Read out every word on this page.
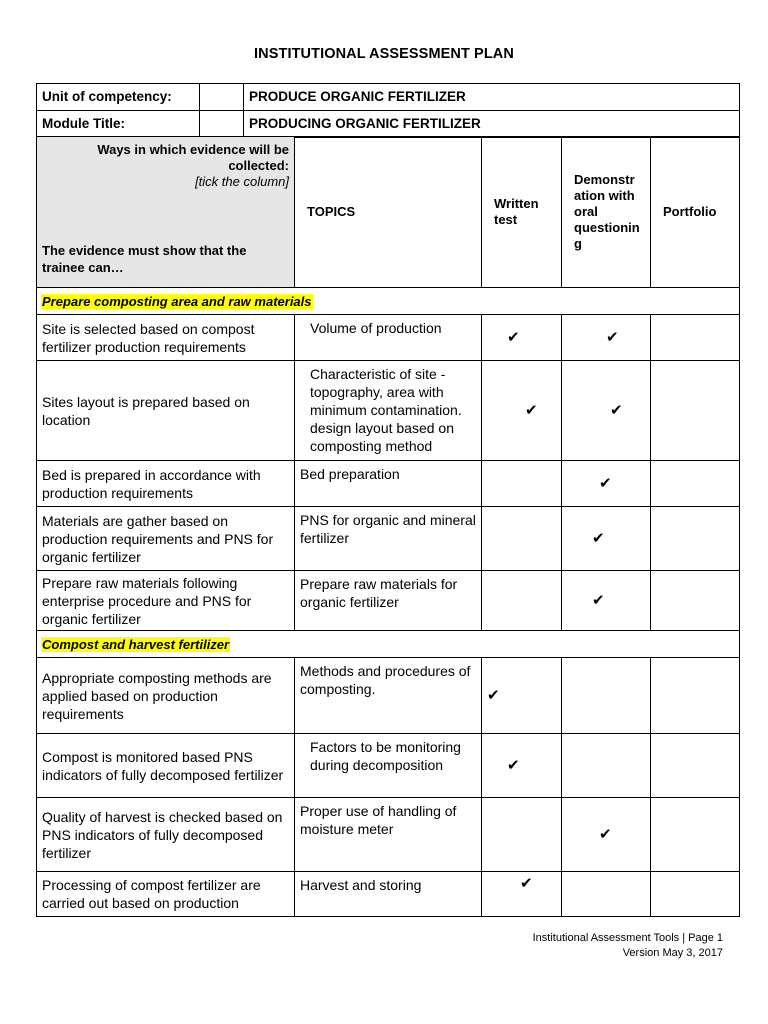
INSTITUTIONAL ASSESSMENT PLAN
Unit of competency:		PRODUCE ORGANIC FERTILIZER
Module Title:		PRODUCING ORGANIC FERTILIZER
Ways in which evidence will be collected:
[tick the column]
The evidence must show that the trainee can…	TOPICS	Written test	Demonstr ation with oral questionin g	Portfolio
Prepare composting area and raw materials				
Site is selected based on compost fertilizer production requirements	Volume of production	✔	✔	
Sites layout is prepared based on location	Characteristic of site - topography, area with minimum contamination. design layout based on composting method	✔	✔	
Bed is prepared in accordance with production requirements	Bed preparation		✔	
Materials are gather based on production requirements and PNS for organic fertilizer	PNS for organic and mineral fertilizer		✔	
Prepare raw materials following enterprise procedure and PNS for organic fertilizer	Prepare raw materials for organic fertilizer		✔	
Compost and harvest fertilizer				
Appropriate composting methods are applied based on production requirements	Methods and procedures of composting.	✔		
Compost is monitored based PNS indicators of fully decomposed fertilizer	Factors to be monitoring during decomposition	✔		
Quality of harvest is checked based on PNS indicators of fully decomposed fertilizer	Proper use of handling of moisture meter		✔	
Processing of compost fertilizer are carried out based on production	Harvest and storing	✔		
Institutional Assessment Tools | Page 1
Version May 3, 2017
